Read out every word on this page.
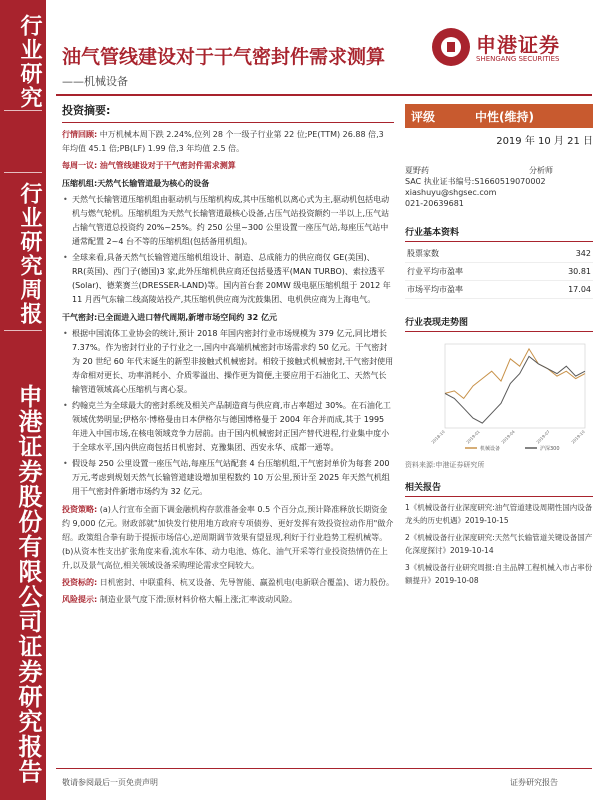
行业研究
行业研究周报
申港证券股份有限公司证券研究报告
油气管线建设对于干气密封件需求测算
——机械设备
申港证券
SHENGANG SECURITIES
投资摘要:
行情回顾: 中万机械本周下跌 2.24%,位列 28 个一级子行业第 22 位;PE(TTM) 26.88 倍,3 年均值 45.1 倍;PB(LF) 1.99 倍,3 年均值 2.5 倍。
每周一议: 油气管线建设对于干气密封件需求测算
压缩机组:天然气长输管道最为核心的设备
• 天然气长输管道压缩机组由驱动机与压缩机构成,其中压缩机以离心式为主,驱动机包括电动机与燃气轮机。压缩机组为天然气长输管道最核心设备,占压气站投资额约一半以上,压气站占输气管道总投资约 20%~25%。约 250 公里~300 公里设置一座压气站,每座压气站中通常配置 2~4 台不等的压缩机组(包括备用机组)。
• 全球来看,具备天然气长输管道压缩机组设计、制造、总成能力的供应商仅 GE(美国)、RR(英国)、西门子(德国)3 家,此外压缩机供应商还包括曼透平(MAN TURBO)、索拉透平(Solar)、德莱赛兰(DRESSER-LAND)等。国内首台套 20MW 级电驱压缩机组于 2012 年 11 月西气东输二线高陵站投产,其压缩机供应商为沈鼓集团、电机供应商为上海电气。
干气密封:已全面进入进口替代周期,新增市场空间约 32 亿元
• 根据中国流体工业协会的统计,预计 2018 年国内密封行业市场规模为 379 亿元,同比增长 7.37%。作为密封行业的子行业之一,国内中高端机械密封市场需求约 50 亿元。干气密封为 20 世纪 60 年代末诞生的新型非接触式机械密封。相较于接触式机械密封,干气密封使用寿命相对更长、功率消耗小、介质零溢出、操作更为简便,主要应用于石油化工、天然气长输管道领域高心压缩机与离心泵。
• 约翰克兰为全球最大的密封系统及相关产品制造商与供应商,市占率超过 30%。在石油化工领域优势明显;伊格尔·博格曼由日本伊格尔与德国博格曼于 2004 年合并而成,其于 1995 年进入中国市场,在核电领域竞争力居前。由于国内机械密封正国产替代进程,行业集中度小于全球水平,国内供应商包括日机密封、克豫集团、西安永华、成都一通等。
• 假设每 250 公里设置一座压气站,每座压气站配套 4 台压缩机组,干气密封单价为每套 200 万元,考虑到规划天然气长输管道建设增加里程数约 10 万公里,预计至 2025 年天然气机组用干气密封件新增市场约为 32 亿元。
投资策略: (a)人行宣布全面下调金融机构存款准备金率 0.5 个百分点,预计降准释放长期资金约 9,000 亿元。财政部就"加快发行使用地方政府专项债券、更好发挥有效投资拉动作用"做介绍。政策组合拳有助于提振市场信心,逆周期调节效果有望显现,利好于行业趋势工程机械等。(b)从资本性支出扩张角度来看,流水车体、动力电池、炼化、油气开采等行业投资热情仍在上升,以及景气高位,相关领域设备采购理论需求空间较大。
投资标的: 日机密封、中联重科、杭叉设备、先导智能、赢盈机电(电新联合覆盖)、诺力股份。
风险提示: 制造业景气度下滑;原材料价格大幅上涨;汇率波动风险。
评级	中性(维持)
2019 年 10 月 21 日
夏野药	分析师
SAC 执业证书编号:S1660519070002
xiashuyu@shgsec.com
021-20639681
行业基本资料
股票家数	342
行业平均市盈率	30.81
市场平均市盈率	17.04
行业表现走势图
2018-10	2019-01	2019-04	2019-07	2019-10
机械设备	沪深300
资料来源:申港证券研究所
相关报告
1《机械设备行业深度研究:油气管道建设周期性国内设备龙头的历史机遇》2019-10-15
2《机械设备行业深度研究:天然气长输管道关键设备国产化深度探讨》2019-10-14
3《机械设备行业研究周报:自主品牌工程机械入市占率份额提升》2019-10-08
敬请参阅最后一页免责声明	证券研究报告
